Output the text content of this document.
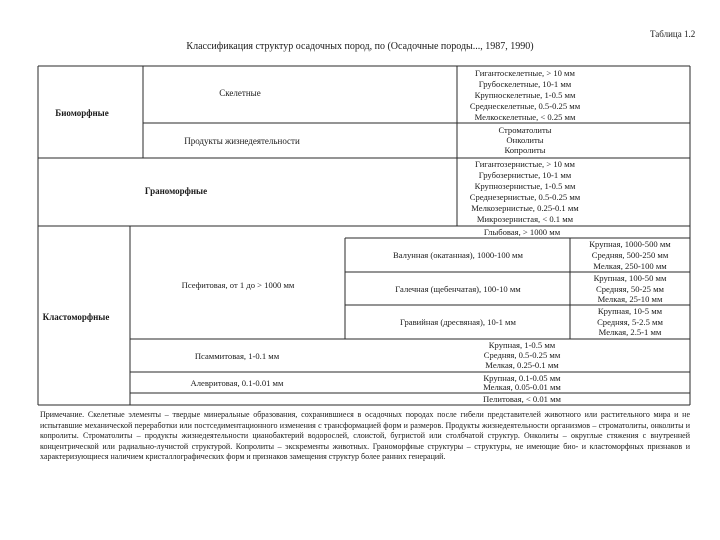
Таблица 1.2
Классификация структур осадочных пород, по (Осадочные породы..., 1987, 1990)
Биоморфные
Скелетные
Гигантоскелетные, > 10 мм
Грубоскелетные, 10-1 мм
Крупноскелетные, 1-0.5 мм
Среднескелетные, 0.5-0.25 мм
Мелкоскелетные, < 0.25 мм
Продукты жизнедеятельности
Строматолиты
Онколиты
Копролиты
Граноморфные
Гигантозернистые, > 10 мм
Грубозернистые, 10-1 мм
Крупнозернистые, 1-0.5 мм
Среднезернистые, 0.5-0.25 мм
Мелкозернистые, 0.25-0.1 мм
Микрозернистая, < 0.1 мм
Кластоморфные
Псефитовая, от 1 до > 1000 мм
Глыбовая, > 1000 мм
Валунная (окатанная), 1000-100 мм
Крупная, 1000-500 мм
Средняя, 500-250 мм
Мелкая, 250-100 мм
Галечная (щебенчатая), 100-10 мм
Крупная, 100-50 мм
Средняя, 50-25 мм
Мелкая, 25-10 мм
Гравийная (дресвяная), 10-1 мм
Крупная, 10-5 мм
Средняя, 5-2.5 мм
Мелкая, 2.5-1 мм
Псаммитовая, 1-0.1 мм
Крупная, 1-0.5 мм
Средняя, 0.5-0.25 мм
Мелкая, 0.25-0.1 мм
Алевритовая, 0.1-0.01 мм	Крупная, 0.1-0.05 мм
Мелкая, 0.05-0.01 мм
Пелитовая, < 0.01 мм
Примечание. Скелетные элементы – твердые минеральные образования, сохранившиеся в осадочных породах после гибели представителей животного или растительного мира и не испытавшие механической переработки или постседиментационного изменения с трансформацией форм и размеров. Продукты жизнедеятельности организмов – строматолиты, онколиты и копролиты. Строматолиты – продукты жизнедеятельности цианобактерий водорослей, слоистой, бугристой или столбчатой структур. Онколиты – округлые стяжения с внутренней концентрической или радиально-лучистой структурой. Копролиты – экскременты животных. Граноморфные структуры – структуры, не имеющие био- и кластоморфных признаков и характеризующиеся наличием кристаллографических форм и признаков замещения структур более ранних генераций.
